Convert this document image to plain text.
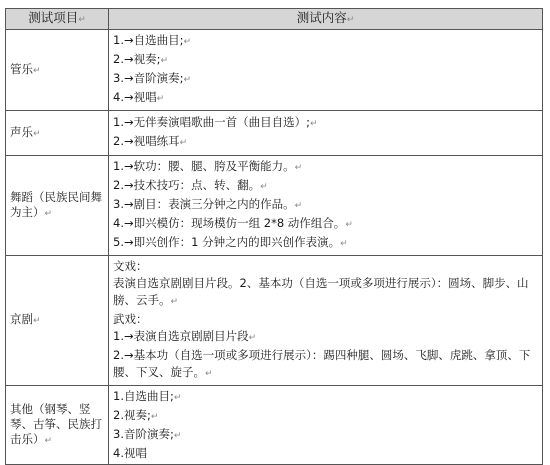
测试项目↵	测试内容↵
管乐↵	1.→自选曲目;↵
2.→视奏;↵
3.→音阶演奏;↵
4.→视唱↵

声乐↵	1.→无伴奏演唱歌曲一首（曲目自选）;↵
2.→视唱练耳↵

舞蹈（民族民间舞为主）↵	1.→软功：腰、腿、胯及平衡能力。↵
2.→技术技巧：点、转、翻。↵
3.→剧目：表演三分钟之内的作品。↵
4.→即兴模仿：现场模仿一组 2*8 动作组合。↵
5.→即兴创作：1 分钟之内的即兴创作表演。↵

京剧↵	文戏：
表演自选京剧剧目片段。2、基本功（自选一项或多项进行展示）：圆场、脚步、山膀、云手。↵
武戏：
1.→表演自选京剧剧目片段↵
2.→基本功（自选一项或多项进行展示）：踢四种腿、圆场、飞脚、虎跳、拿顶、下腰、下叉、旋子。↵

其他（钢琴、竖琴、古筝、民族打击乐）↵	1.自选曲目;↵
2.视奏;↵
3.音阶演奏;↵
4.视唱
